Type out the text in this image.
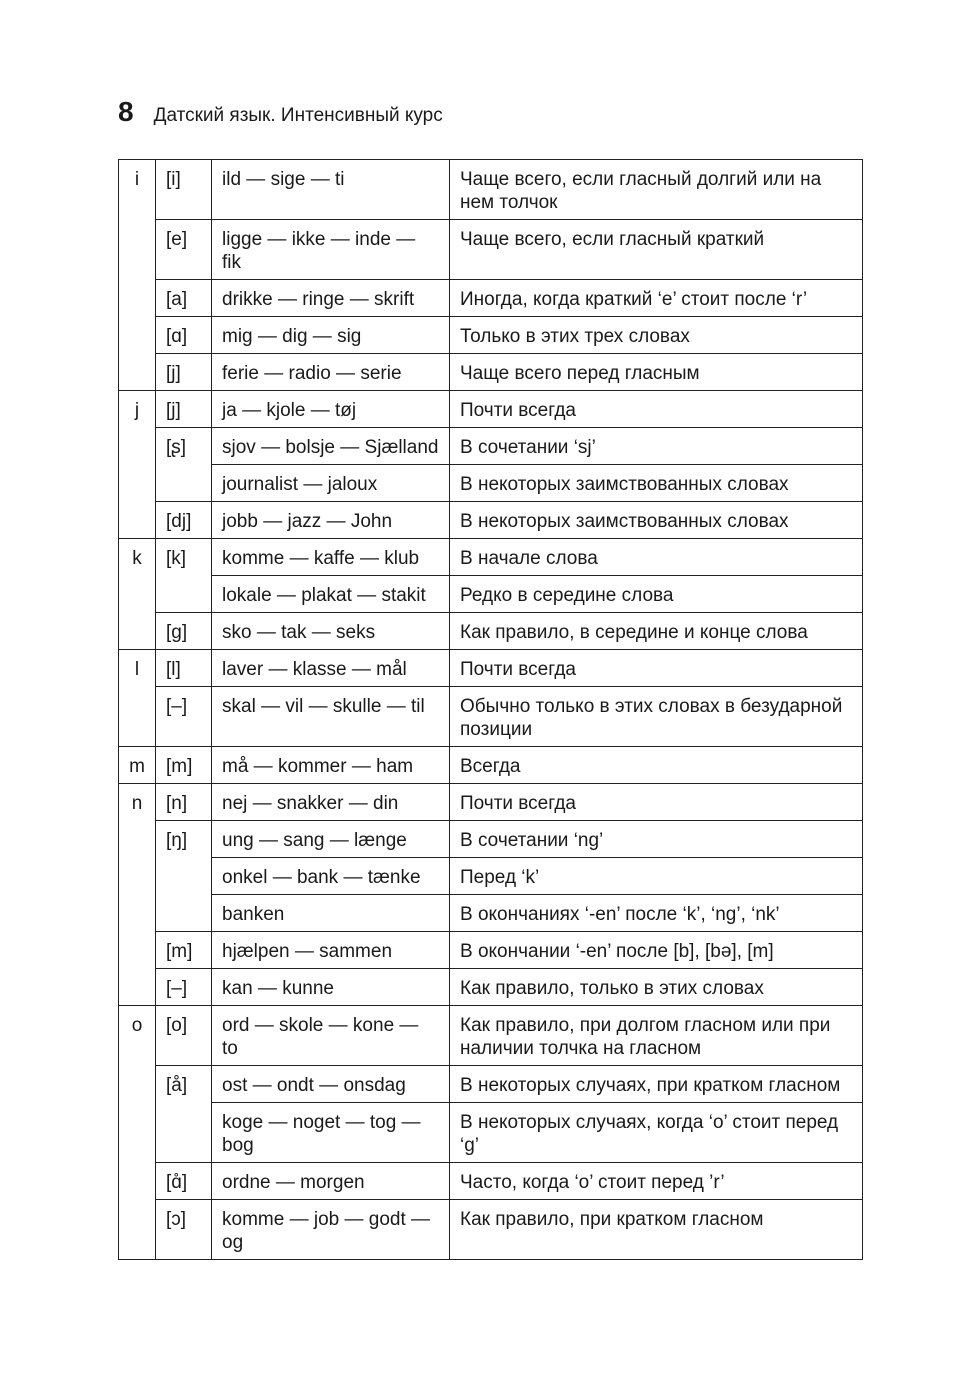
8 Датский язык. Интенсивный курс
i	[i]	ild — sige — ti	Чаще всего, если гласный долгий или на нем толчок
	[e]	ligge — ikke — inde — fik	Чаще всего, если гласный краткий
	[a]	drikke — ringe — skrift	Иногда, когда краткий ‘e’ стоит после ‘r’
	[ɑ]	mig — dig — sig	Только в этих трех словах
	[j]	ferie — radio — serie	Чаще всего перед гласным
j	[j]	ja — kjole — tøj	Почти всегда
	[ʂ]	sjov — bolsje — Sjælland	В сочетании ‘sj’
		journalist — jaloux	В некоторых заимствованных словах
	[dj]	jobb — jazz — John	В некоторых заимствованных словах
k	[k]	komme — kaffe — klub	В начале слова
		lokale — plakat — stakit	Редко в середине слова
	[g]	sko — tak — seks	Как правило, в середине и конце слова
l	[l]	laver — klasse — mål	Почти всегда
	[–]	skal — vil — skulle — til	Обычно только в этих словах в безударной позиции
m	[m]	må — kommer — ham	Всегда
n	[n]	nej — snakker — din	Почти всегда
	[ŋ]	ung — sang — længe	В сочетании ‘ng’
		onkel — bank — tænke	Перед ‘k’
		banken	В окончаниях ‘-en’ после ‘k’, ‘ng’, ‘nk’
	[m]	hjælpen — sammen	В окончании ‘-en’ после [b], [bə], [m]
	[–]	kan — kunne	Как правило, только в этих словах
o	[o]	ord — skole — kone — to	Как правило, при долгом гласном или при наличии толчка на гласном
	[å]	ost — ondt — onsdag	В некоторых случаях, при кратком гласном
		koge — noget — tog — bog	В некоторых случаях, когда ‘o’ стоит перед ‘g’
	[ɑ̊]	ordne — morgen	Часто, когда ‘o’ стоит перед ’r’
	[ɔ]	komme — job — godt — og	Как правило, при кратком гласном
